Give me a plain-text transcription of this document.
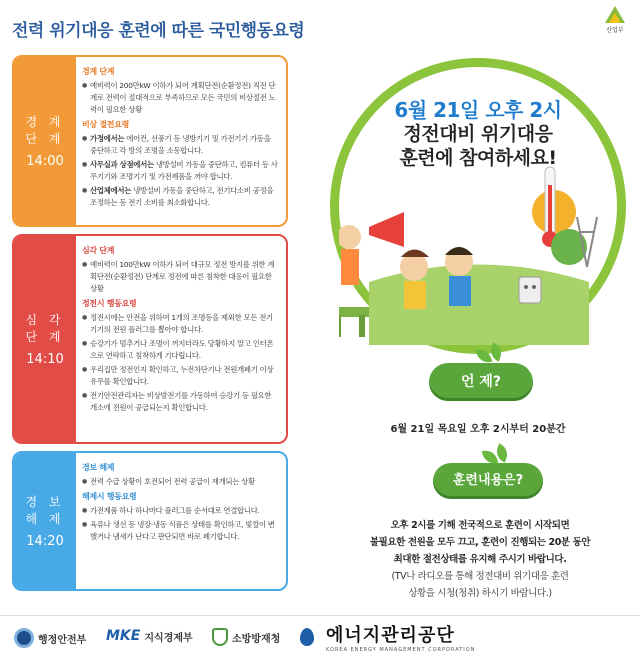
전력 위기대응 훈련에 따른 국민행동요령	산업부
경 계 단 계
14:00
경계 단계
● 예비력이 200만kW 이하가 되어 계획단전(순환정전) 직전 단계로 전력이 절대적으로 부족하므로 모든 국민의 비상절전 노력이 필요한 상황
비상 절전요령
● 가정에서는 에어컨, 선풍기 등 냉방기기 및 가전기기 가동을 중단하고 각 방의 조명을 소등합니다.
● 사무실과 상점에서는 냉방설비 가동을 중단하고, 컴퓨터 등 사무기기와 조명기기 및 가전제품을 꺼야 합니다.
● 산업체에서는 냉방설비 가동을 중단하고, 전기다소비 공정을 조정하는 등 전기 소비를 최소화합니다.
심 각 단 계
14:10
심각 단계
● 예비력이 100만kW 이하가 되어 대규모 정전 방지를 위한 계획단전(순환정전) 단계로 정전에 따른 침착한 대응이 필요한 상황
정전시 행동요령
● 정전시에는 안전을 위하여 1개의 조명등을 제외한 모든 전기기기의 전원 플러그를 뽑아야 합니다.
● 승강기가 멈추거나 조명이 꺼지더라도 당황하지 말고 인터폰으로 연락하고 침착하게 기다립니다.
● 우리집만 정전인지 확인하고, 누전차단기나 전원개폐기 이상유무를 확인합니다.
● 전기안전관리자는 비상발전기를 가동하여 승강기 등 필요한 개소에 전원이 공급되는지 확인합니다.
경 보 해 제
14:20
경보 해제
● 전력 수급 상황이 호전되어 전력 공급이 재개되는 상황
해제시 행동요령
● 가전제품 하나 하나마다 플러그를 순서대로 연결합니다.
● 육류나 생선 등 냉장·냉동 식품은 상태를 확인하고, 빛깔이 변했거나 냄새가 난다고 판단되면 바로 폐기합니다.
6월 21일 오후 2시
정전대비 위기대응
훈련에 참여하세요!
언 제?
6월 21일 목요일 오후 2시부터 20분간
훈련내용은?
오후 2시를 기해 전국적으로 훈련이 시작되면
불필요한 전원을 모두 끄고, 훈련이 진행되는 20분 동안
최대한 절전상태를 유지해 주시기 바랍니다.
(TV나 라디오를 통해 정전대비 위기대응 훈련
상황을 시청(청취) 하시기 바랍니다.)
행정안전부 MKE 지식경제부	소방방재청	에너지관리공단
KOREA ENERGY MANAGEMENT CORPORATION
